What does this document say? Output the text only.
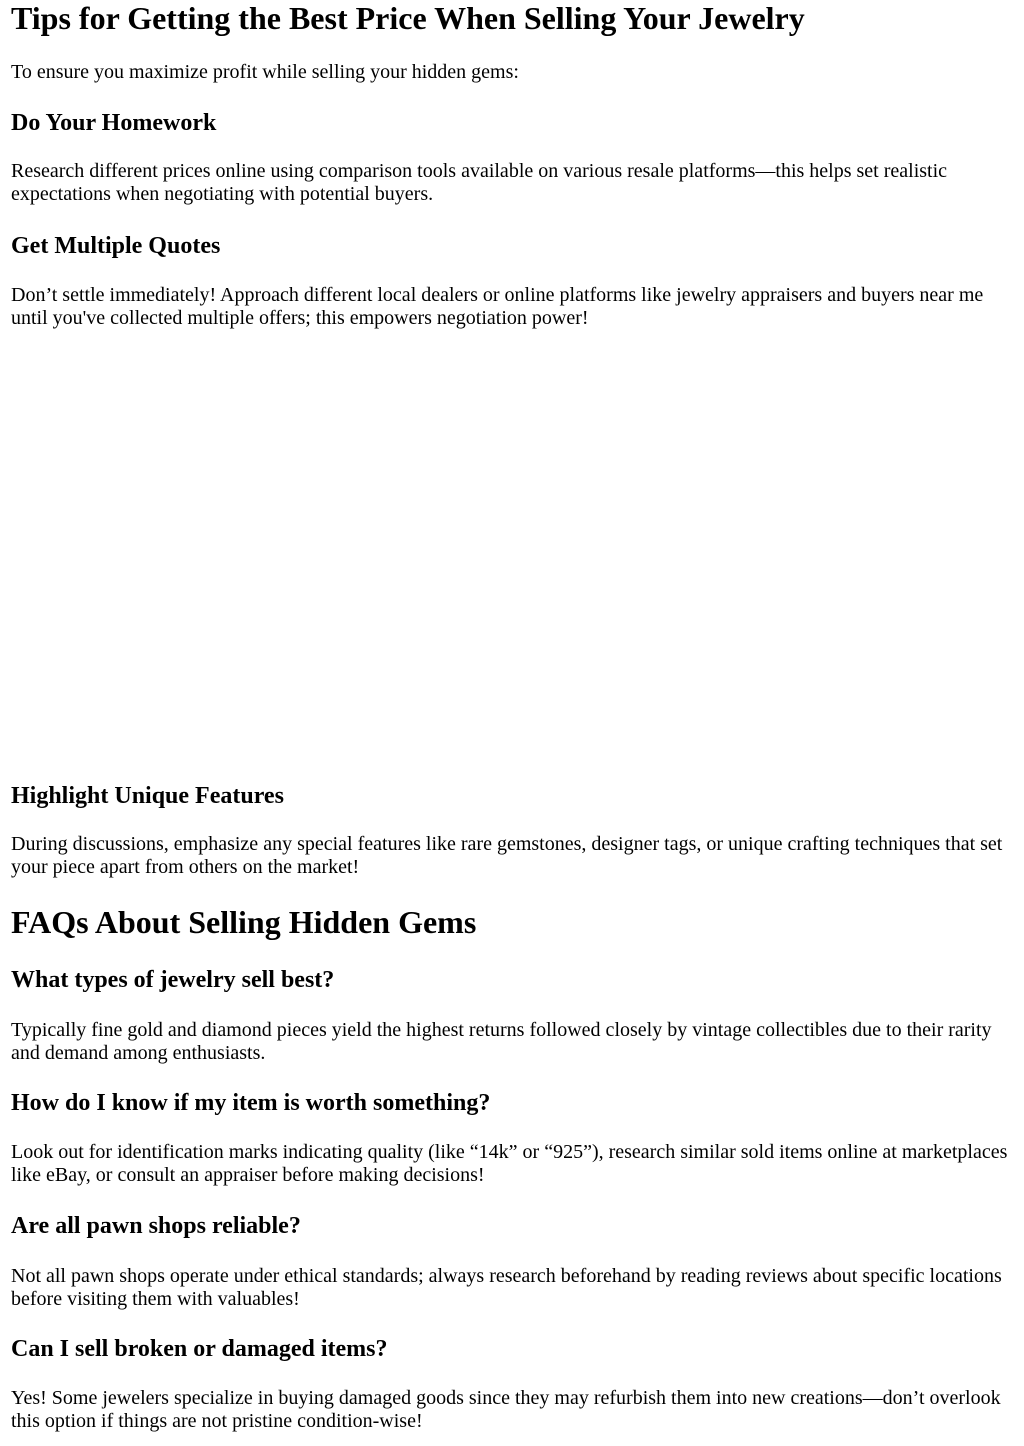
Tips for Getting the Best Price When Selling Your Jewelry

To ensure you maximize profit while selling your hidden gems:

Do Your Homework

Research different prices online using comparison tools available on various resale platforms—this helps set realistic expectations when negotiating with potential buyers.

Get Multiple Quotes

Don’t settle immediately! Approach different local dealers or online platforms like jewelry appraisers and buyers near me until you've collected multiple offers; this empowers negotiation power!

Highlight Unique Features

During discussions, emphasize any special features like rare gemstones, designer tags, or unique crafting techniques that set your piece apart from others on the market!

FAQs About Selling Hidden Gems
What types of jewelry sell best?

Typically fine gold and diamond pieces yield the highest returns followed closely by vintage collectibles due to their rarity and demand among enthusiasts.

How do I know if my item is worth something?

Look out for identification marks indicating quality (like “14k” or “925”), research similar sold items online at marketplaces like eBay, or consult an appraiser before making decisions!

Are all pawn shops reliable?

Not all pawn shops operate under ethical standards; always research beforehand by reading reviews about specific locations before visiting them with valuables!

Can I sell broken or damaged items?

Yes! Some jewelers specialize in buying damaged goods since they may refurbish them into new creations—don’t overlook this option if things are not pristine condition-wise!
